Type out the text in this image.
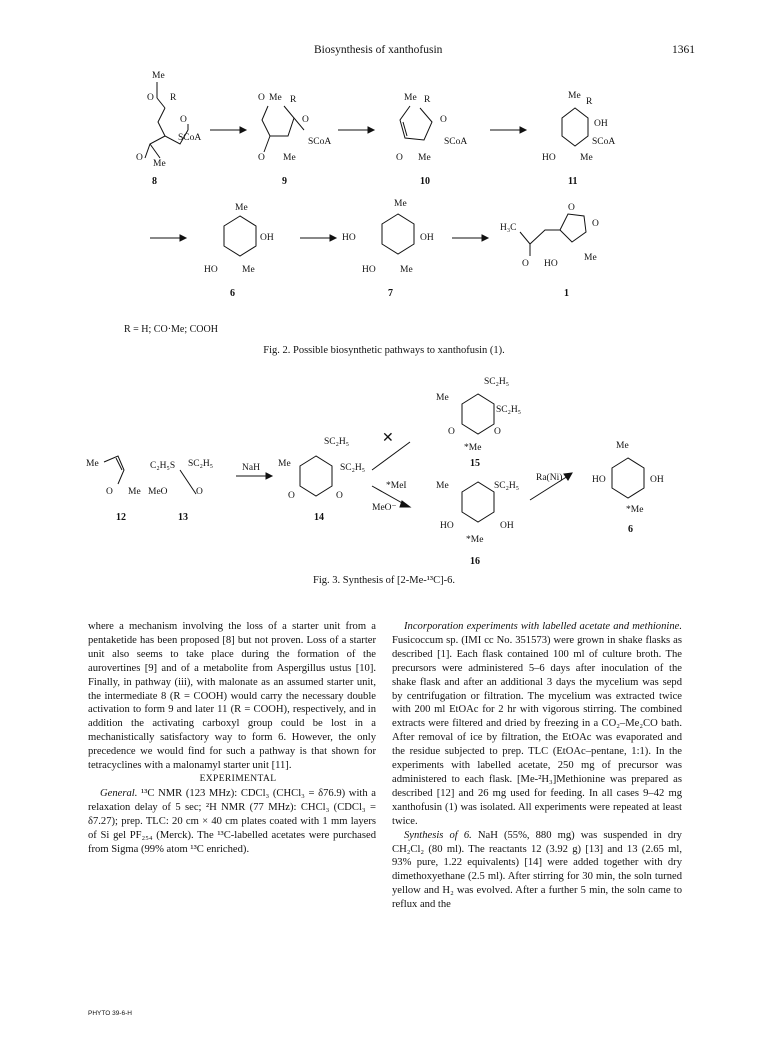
Biosynthesis of xanthofusin	1361
Me
O R
O
SCoA
O
Me
8
O Me R
O
SCoA
O Me
9
Me R
O
SCoA
O Me
10
Me
R
OH
SCoA
HO	Me
11
Me
OH
HO	Me
6
Me
HO	OH
HO	Me
7
H₃C
O
O
O
HO
Me
1
R = H; CO·Me; COOH
Fig. 2. Possible biosynthetic pathways to xanthofusin (1).
Me
O Me
12
C₂H₅S SC₂H₅
MeO	O
13
NaH Me
SC₂H₅
SC₂H₅
O	O
14
✕
*MeI
MeO⁻
Me
SC₂H₅
SC₂H₅
O	O
*Me
15
Me	SC₂H₅
HO	OH
*Me
16
Ra(Ni)
Me
HO	OH
*Me
6
Fig. 3. Synthesis of [2-Me-¹³C]-6.

where a mechanism involving the loss of a starter unit from a pentaketide has been proposed [8] but not proven. Loss of a starter unit also seems to take place during the formation of the aurovertines [9] and of a metabolite from Aspergillus ustus [10]. Finally, in pathway (iii), with malonate as an assumed starter unit, the intermediate 8 (R = COOH) would carry the necessary double activation to form 9 and later 11 (R = COOH), respectively, and in addition the activating carboxyl group could be lost in a mechanistically satisfactory way to form 6. However, the only precedence we would find for such a pathway is that shown for tetracyclines with a malonamyl starter unit [11].

EXPERIMENTAL

General. ¹³C NMR (123 MHz): CDCl₃ (CHCl₃ = δ76.9) with a relaxation delay of 5 sec; ²H NMR (77 MHz): CHCl₃ (CDCl₃ = δ7.27); prep. TLC: 20 cm × 40 cm plates coated with 1 mm layers of Si gel PF₂₅₄ (Merck). The ¹³C-labelled acetates were purchased from Sigma (99% atom ¹³C enriched).

Incorporation experiments with labelled acetate and methionine. Fusicoccum sp. (IMI cc No. 351573) were grown in shake flasks as described [1]. Each flask contained 100 ml of culture broth. The precursors were administered 5–6 days after inoculation of the shake flask and after an additional 3 days the mycelium was sepd by centrifugation or filtration. The mycelium was extracted twice with 200 ml EtOAc for 2 hr with vigorous stirring. The combined extracts were filtered and dried by freezing in a CO₂–Me₂CO bath. After removal of ice by filtration, the EtOAc was evaporated and the residue subjected to prep. TLC (EtOAc–pentane, 1:1). In the experiments with labelled acetate, 250 mg of precursor was administered to each flask. [Me-²H₃]Methionine was prepared as described [12] and 26 mg used for feeding. In all cases 9–42 mg xanthofusin (1) was isolated. All experiments were repeated at least twice.

Synthesis of 6. NaH (55%, 880 mg) was suspended in dry CH₂Cl₂ (80 ml). The reactants 12 (3.92 g) [13] and 13 (2.65 ml, 93% pure, 1.22 equivalents) [14] were added together with dry dimethoxyethane (2.5 ml). After stirring for 30 min, the soln turned yellow and H₂ was evolved. After a further 5 min, the soln came to reflux and the

PHYTO 39-6-H
